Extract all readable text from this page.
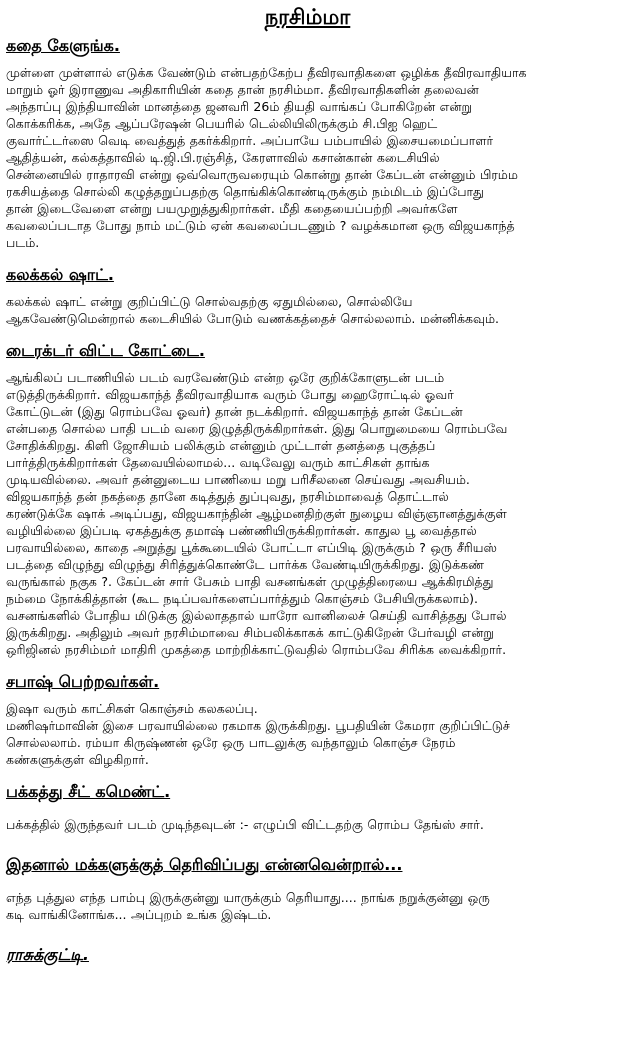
நரசிம்மா
கதை கேளுங்க.
முள்ளை முள்ளால் எடுக்க வேண்டும் என்பதற்கேற்ப தீவிரவாதிகளை ஒழிக்க தீவிரவாதியாக
மாறும் ஓர் இராணுவ அதிகாரியின் கதை தான் நரசிம்மா. தீவிரவாதிகளின் தலைவன்
அந்தாப்பு இந்தியாவின் மானத்தை ஜனவரி 26ம் தியதி வாங்கப் போகிறேன் என்று
கொக்கரிக்க, அதே ஆப்பரேஷன் பெயரில் டெல்லியிலிருக்கும் சி.பிஐ ஹெட்
குவார்ட்டர்ஸை வெடி வைத்துத் தகர்க்கிறார். அப்பாயே பம்பாயில் இசையமைப்பாளர்
ஆதித்யன், கல்கத்தாவில் டி.ஜி.பி.ரஞ்சித், கேரளாவில் கசான்கான் கடைசியில்
சென்னையில் ராதாரவி என்று ஒவ்வொருவரையும் கொன்று தான் கேப்டன் என்னும் பிரம்ம
ரகசியத்தை சொல்லி கழுத்தறுப்பதற்கு தொங்கிக்கொண்டிருக்கும் நம்மிடம் இப்போது
தான் இடைவேளை என்று பயமுறுத்துகிறார்கள். மீதி கதையைப்பற்றி அவர்களே
கவலைப்படாத போது நாம் மட்டும் ஏன் கவலைப்படணும் ? வழக்கமான ஒரு விஜயகாந்த்
படம்.
கலக்கல் ஷாட்.
கலக்கல் ஷாட் என்று குறிப்பிட்டு சொல்வதற்கு ஏதுமில்லை, சொல்லியே
ஆகவேண்டுமென்றால் கடைசியில் போடும் வணக்கத்தைச் சொல்லலாம். மன்னிக்கவும்.
டைரக்டர் விட்ட கோட்டை.
ஆங்கிலப் படாணியில் படம் வரவேண்டும் என்ற ஒரே குறிக்கோளுடன் படம்
எடுத்திருக்கிறார். விஜயகாந்த் தீவிரவாதியாக வரும் போது ஹைரோட்டில் ஓவர்
கோட்டுடன் (இது ரொம்பவே ஓவர்) தான் நடக்கிறார். விஜயகாந்த் தான் கேப்டன்
என்பதை சொல்ல பாதி படம் வரை இழுத்திருக்கிறார்கள். இது பொறுமையை ரொம்பவே
சோதிக்கிறது. கிளி ஜோசியம் பலிக்கும் என்னும் முட்டாள் தனத்தை புகுத்தப்
பார்த்திருக்கிறார்கள் தேவையில்லாமல்... வடிவேலு வரும் காட்சிகள் தாங்க
முடியவில்லை. அவர் தன்னுடைய பாணியை மறு பரிசீலனை செய்வது அவசியம்.
விஜயகாந்த் தன் நகத்தை தானே கடித்துத் துப்புவது, நரசிம்மாவைத் தொட்டால்
கரண்டுக்கே ஷாக் அடிப்பது, விஜயகாந்தின் ஆழ்மனதிற்குள் நுழைய விஞ்ஞானத்துக்குள்
வழியில்லை இப்படி ஏகத்துக்கு தமாஷ் பண்ணியிருக்கிறார்கள். காதுல பூ வைத்தால்
பரவாயில்லை, காதை அறுத்து பூக்கூடையில் போட்டா எப்பிடி இருக்கும் ? ஒரு சீரியஸ்
படத்தை விழுந்து விழுந்து சிரித்துக்கொண்டே பார்க்க வேண்டியிருக்கிறது. இடுக்கண்
வருங்கால் நகுக ?. கேப்டன் சார் பேசும் பாதி வசனங்கள் முழுத்திரையை ஆக்கிரமித்து
நம்மை நோக்கித்தான் (கூட நடிப்பவர்களைப்பார்த்தும் கொஞ்சம் பேசியிருக்கலாம்).
வசனங்களில் போதிய மிடுக்கு இல்லாததால் யாரோ வானிலைச் செய்தி வாசித்தது போல்
இருக்கிறது. அதிலும் அவர் நரசிம்மாவை சிம்பலிக்காகக் காட்டுகிறேன் பேர்வழி என்று
ஒரிஜினல் நரசிம்மர் மாதிரி முகத்தை மாற்றிக்காட்டுவதில் ரொம்பவே சிரிக்க வைக்கிறார்.
சபாஷ் பெற்றவர்கள்.
இஷா வரும் காட்சிகள் கொஞ்சம் கலகலப்பு.
மணிஷர்மாவின் இசை பரவாயில்லை ரகமாக இருக்கிறது. பூபதியின் கேமரா குறிப்பிட்டுச்
சொல்லலாம். ரம்யா கிருஷ்ணன் ஒரே ஒரு பாடலுக்கு வந்தாலும் கொஞ்ச நேரம்
கண்களுக்குள் விழகிறார்.
பக்கத்து சீட் கமெண்ட்.
பக்கத்தில் இருந்தவர் படம் முடிந்தவுடன் :- எழுப்பி விட்டதற்கு ரொம்ப தேங்ஸ் சார்.
இதனால் மக்களுக்குத் தெரிவிப்பது என்னவென்றால்...
எந்த புத்துல எந்த பாம்பு இருக்குன்னு யாருக்கும் தெரியாது.... நாங்க நறுக்குன்னு ஒரு
கடி வாங்கினோங்க... அப்புறம் உங்க இஷ்டம்.
ராசுக்குட்டி.
